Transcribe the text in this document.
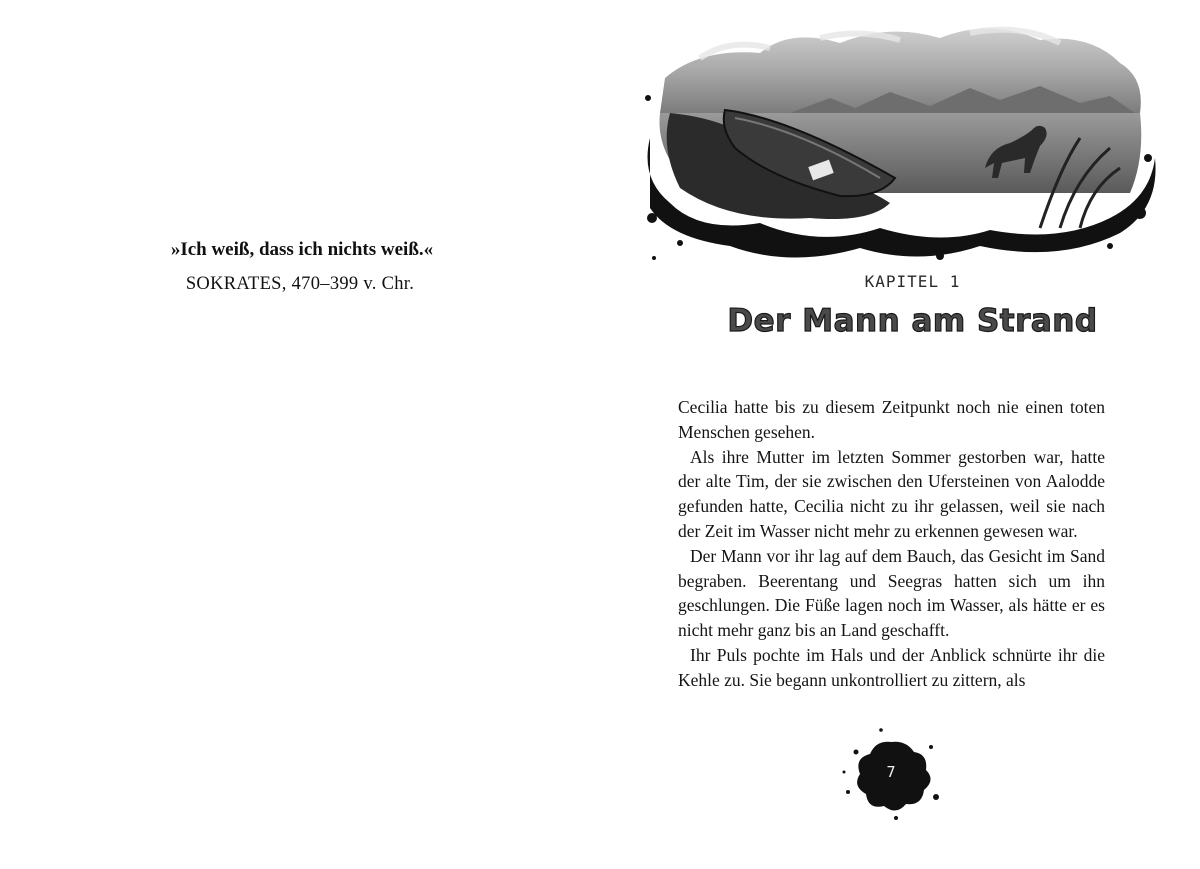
»Ich weiß, dass ich nichts weiß.«
SOKRATES, 470–399 v. Chr.	KAPITEL 1
Der Mann am Strand

Cecilia hatte bis zu diesem Zeitpunkt noch nie einen toten Menschen gesehen.

Als ihre Mutter im letzten Sommer gestorben war, hatte der alte Tim, der sie zwischen den Ufersteinen von Aalodde gefunden hatte, Cecilia nicht zu ihr gelassen, weil sie nach der Zeit im Wasser nicht mehr zu erkennen gewesen war.

Der Mann vor ihr lag auf dem Bauch, das Gesicht im Sand begraben. Beerentang und Seegras hatten sich um ihn geschlungen. Die Füße lagen noch im Wasser, als hätte er es nicht mehr ganz bis an Land geschafft.

Ihr Puls pochte im Hals und der Anblick schnürte ihr die Kehle zu. Sie begann unkontrolliert zu zittern, als

7
